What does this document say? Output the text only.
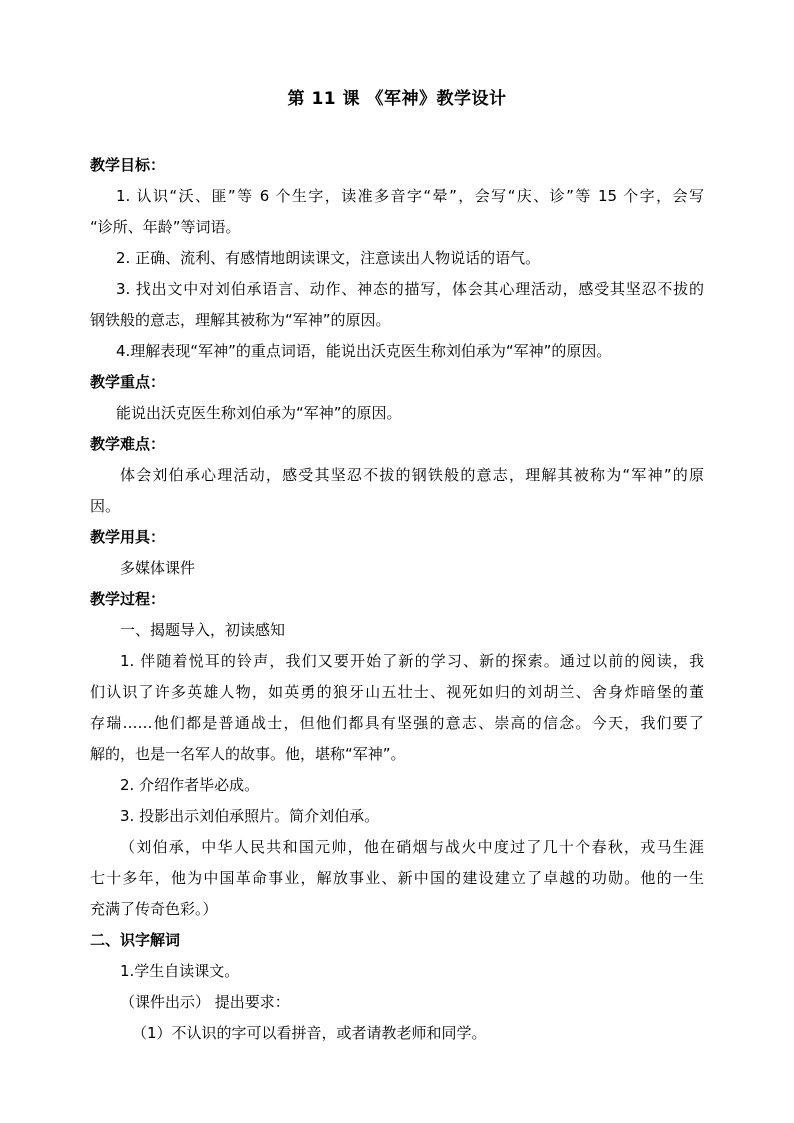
第 11 课 《军神》教学设计
教学目标：
1. 认识“沃、匪”等 6 个生字，读准多音字“晕”，会写“庆、诊”等 15 个字，会写
“诊所、年龄”等词语。
2. 正确、流利、有感情地朗读课文，注意读出人物说话的语气。
3. 找出文中对刘伯承语言、动作、神态的描写，体会其心理活动，感受其坚忍不拔的
钢铁般的意志，理解其被称为“军神”的原因。
4.理解表现“军神”的重点词语，能说出沃克医生称刘伯承为“军神”的原因。
教学重点：
能说出沃克医生称刘伯承为“军神”的原因。
教学难点：
体会刘伯承心理活动，感受其坚忍不拔的钢铁般的意志，理解其被称为“军神”的原
因。
教学用具：
多媒体课件
教学过程：
一、揭题导入，初读感知
1. 伴随着悦耳的铃声，我们又要开始了新的学习、新的探索。通过以前的阅读，我
们认识了许多英雄人物，如英勇的狼牙山五壮士、视死如归的刘胡兰、舍身炸暗堡的董
存瑞……他们都是普通战士，但他们都具有坚强的意志、崇高的信念。今天，我们要了
解的，也是一名军人的故事。他，堪称“军神”。
2. 介绍作者毕必成。
3. 投影出示刘伯承照片。简介刘伯承。
（刘伯承，中华人民共和国元帅，他在硝烟与战火中度过了几十个春秋，戎马生涯
七十多年，他为中国革命事业，解放事业、新中国的建设建立了卓越的功勋。他的一生
充满了传奇色彩。）
二、识字解词
1.学生自读课文。
（课件出示） 提出要求：
（1）不认识的字可以看拼音，或者请教老师和同学。
